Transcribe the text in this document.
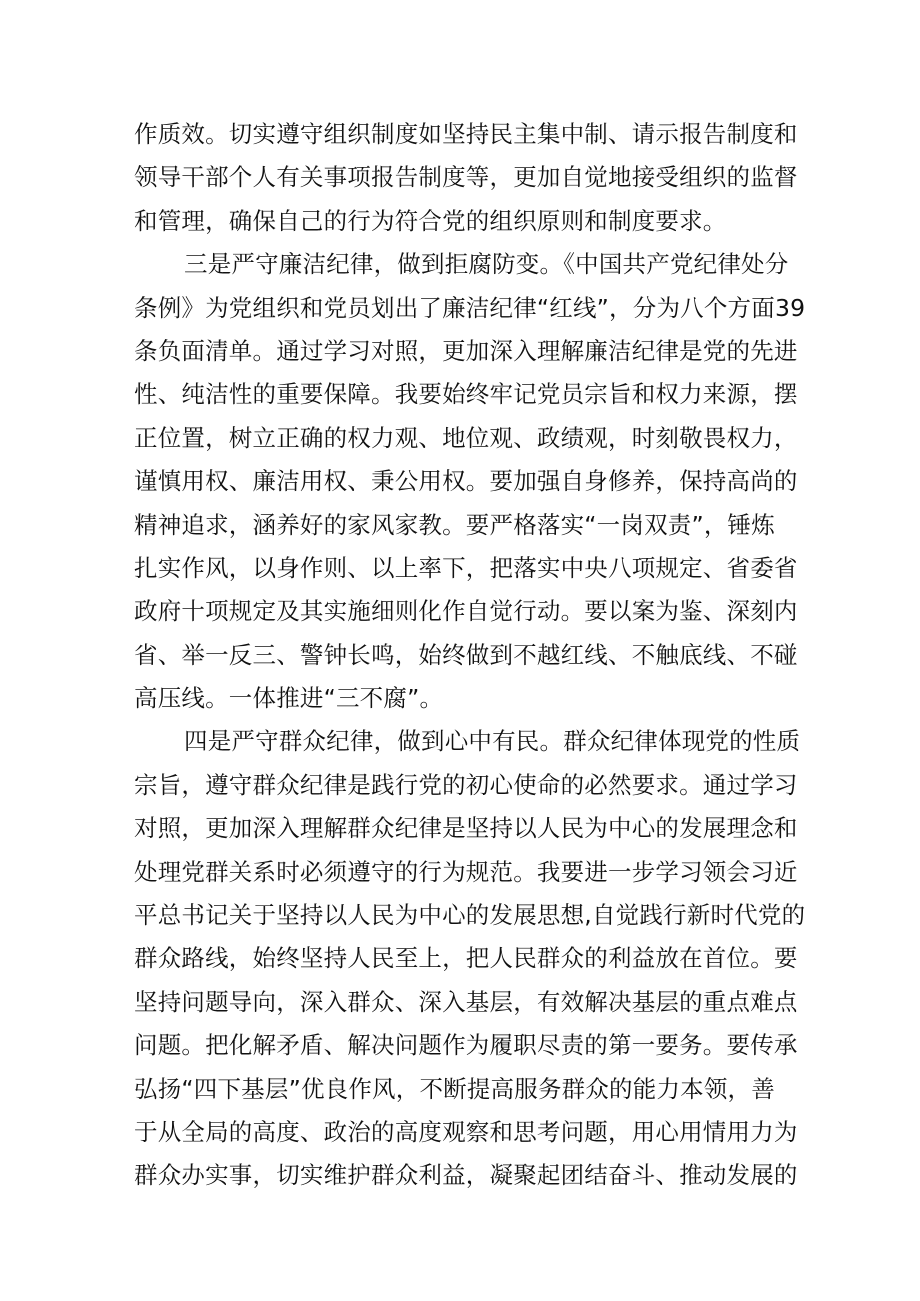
作质效。切实遵守组织制度如坚持民主集中制、请示报告制度和
领导干部个人有关事项报告制度等，更加自觉地接受组织的监督
和管理，确保自己的行为符合党的组织原则和制度要求。
三是严守廉洁纪律，做到拒腐防变。《中国共产党纪律处分
条例》为党组织和党员划出了廉洁纪律“红线”，分为八个方面39
条负面清单。通过学习对照，更加深入理解廉洁纪律是党的先进
性、纯洁性的重要保障。我要始终牢记党员宗旨和权力来源，摆
正位置，树立正确的权力观、地位观、政绩观，时刻敬畏权力，
谨慎用权、廉洁用权、秉公用权。要加强自身修养，保持高尚的
精神追求，涵养好的家风家教。要严格落实“一岗双责”，锤炼
扎实作风，以身作则、以上率下，把落实中央八项规定、省委省
政府十项规定及其实施细则化作自觉行动。要以案为鉴、深刻内
省、举一反三、警钟长鸣，始终做到不越红线、不触底线、不碰
高压线。一体推进“三不腐”。
四是严守群众纪律，做到心中有民。群众纪律体现党的性质
宗旨，遵守群众纪律是践行党的初心使命的必然要求。通过学习
对照，更加深入理解群众纪律是坚持以人民为中心的发展理念和
处理党群关系时必须遵守的行为规范。我要进一步学习领会习近
平总书记关于坚持以人民为中心的发展思想,自觉践行新时代党的
群众路线，始终坚持人民至上，把人民群众的利益放在首位。要
坚持问题导向，深入群众、深入基层，有效解决基层的重点难点
问题。把化解矛盾、解决问题作为履职尽责的第一要务。要传承
弘扬“四下基层”优良作风，不断提高服务群众的能力本领，善
于从全局的高度、政治的高度观察和思考问题，用心用情用力为
群众办实事，切实维护群众利益，凝聚起团结奋斗、推动发展的
